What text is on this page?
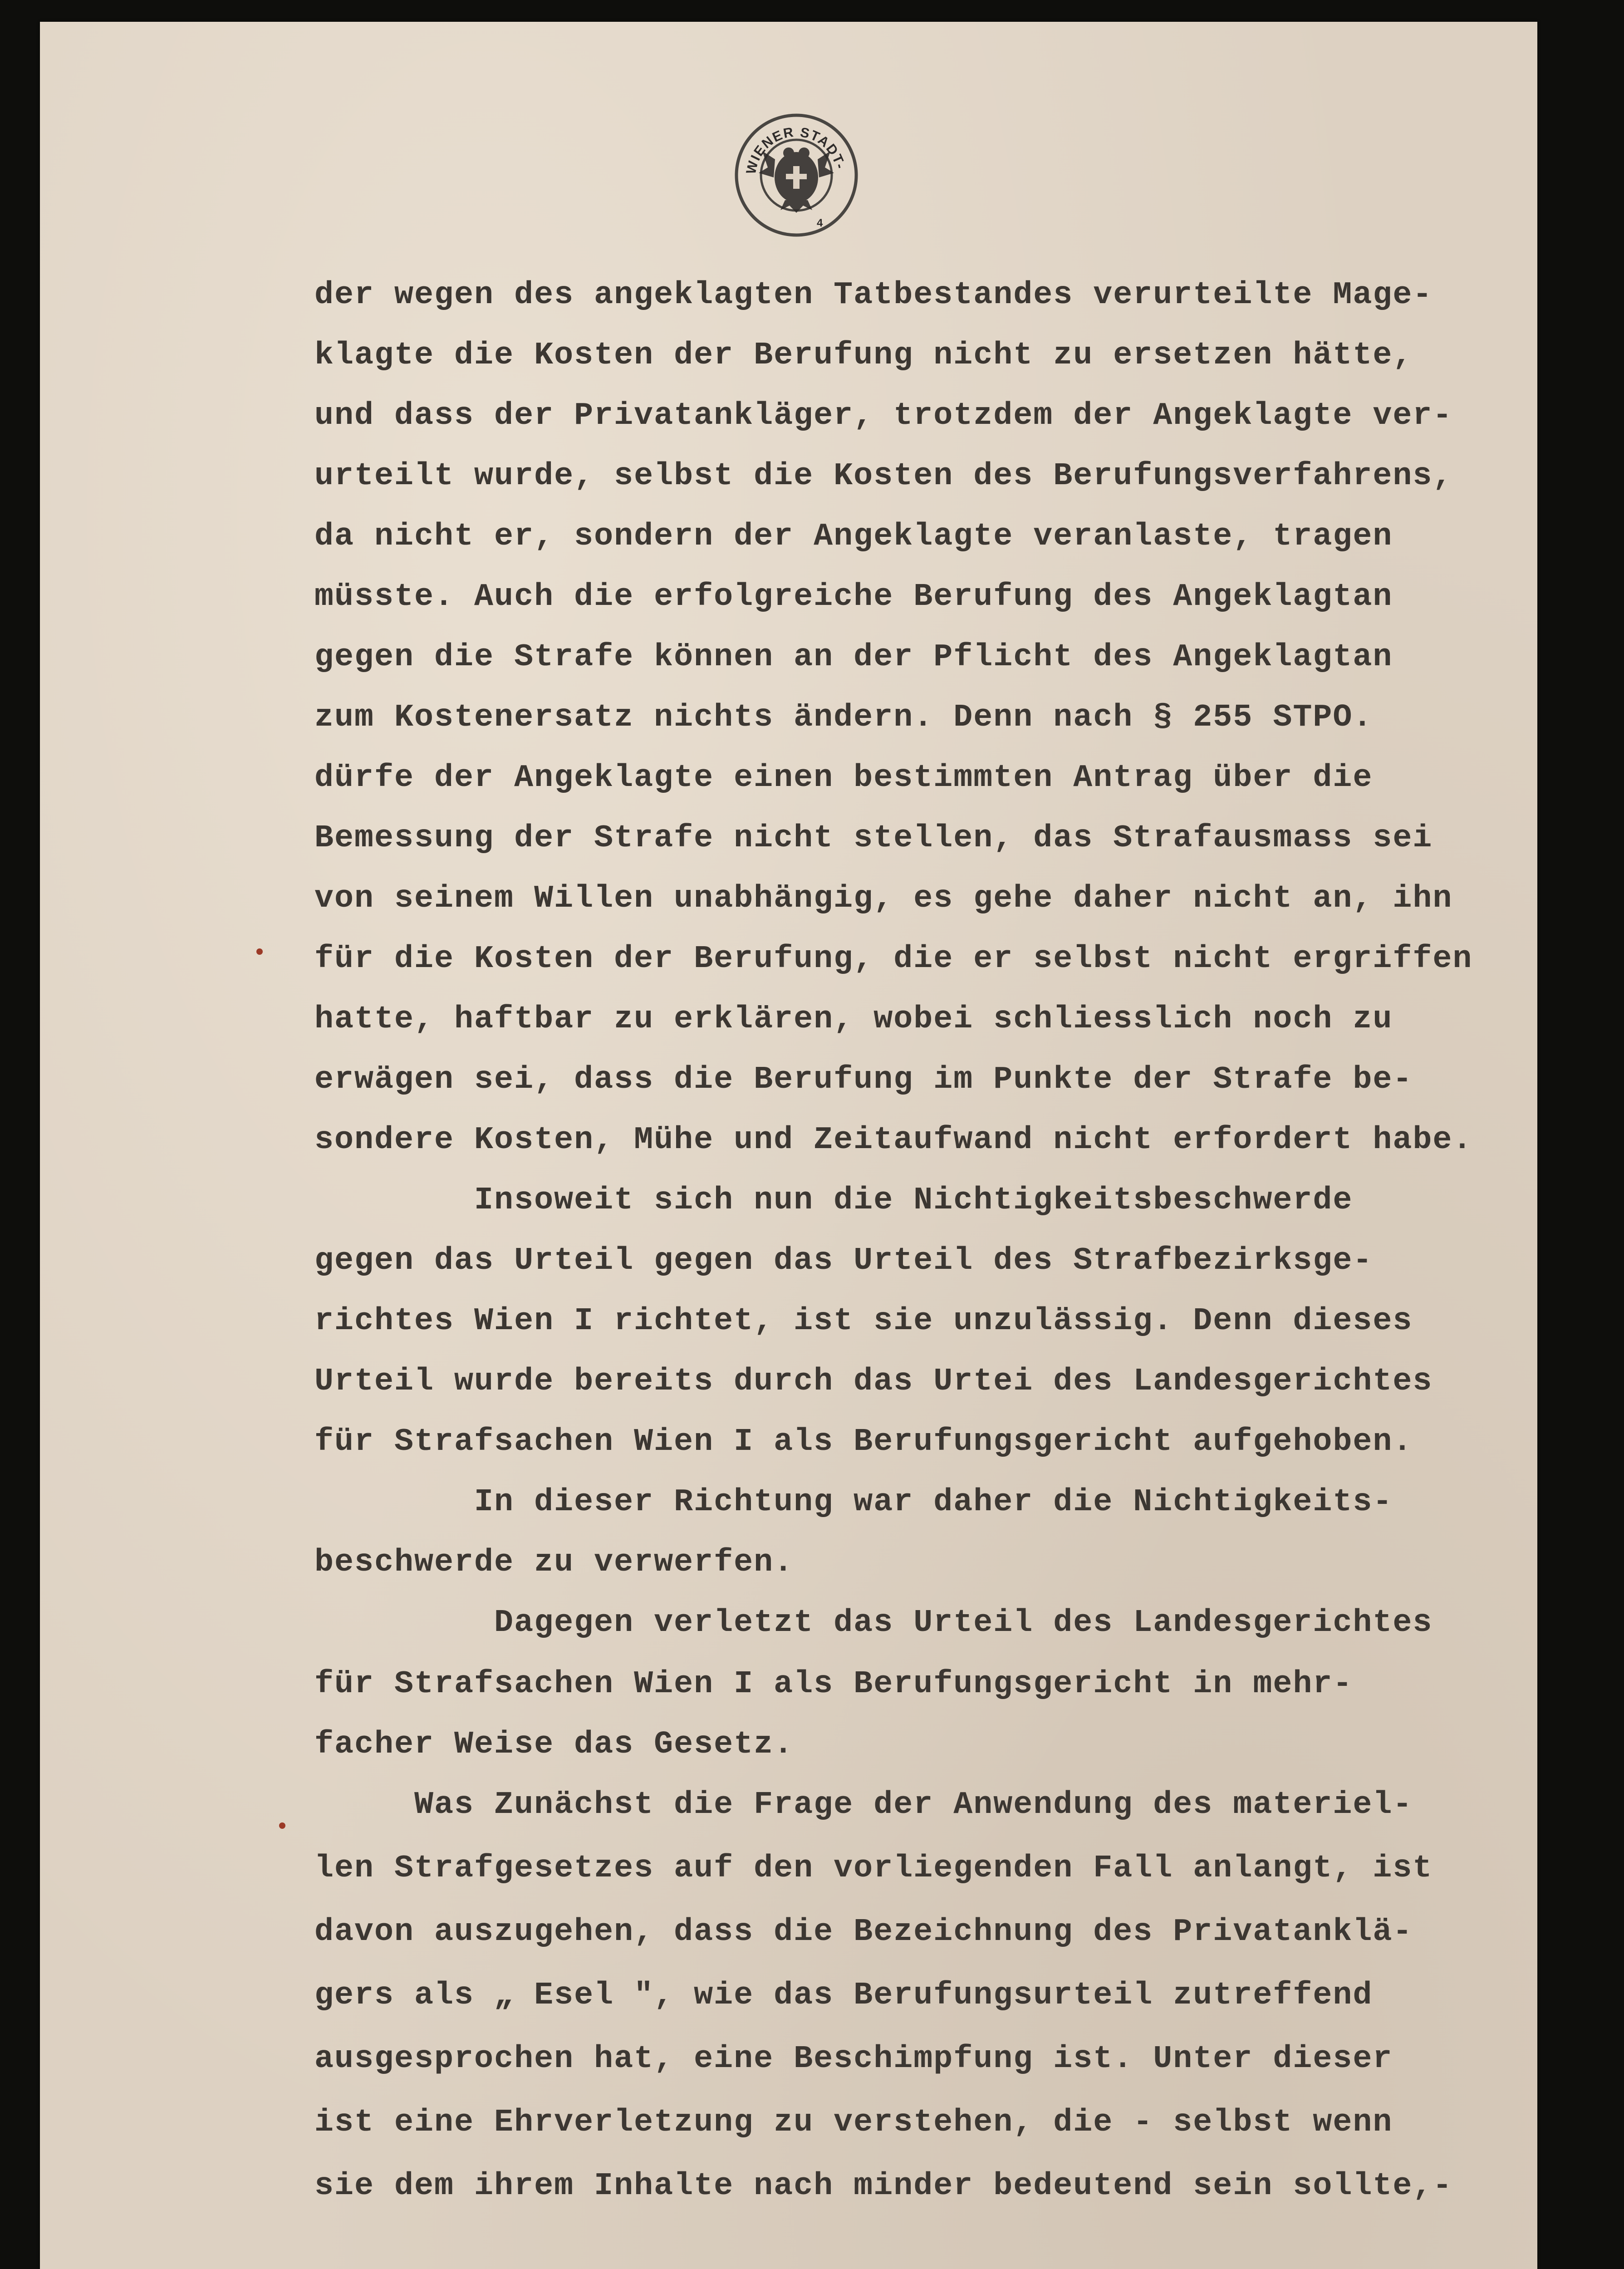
WIENER STADT-
4
der wegen des angeklagten Tatbestandes verurteilte Mage-
klagte die Kosten der Berufung nicht zu ersetzen hätte,
und dass der Privatankläger, trotzdem der Angeklagte ver-
urteilt wurde, selbst die Kosten des Berufungsverfahrens,
da nicht er, sondern der Angeklagte veranlaste, tragen
müsste. Auch die erfolgreiche Berufung des Angeklagtan
gegen die Strafe können an der Pflicht des Angeklagtan
zum Kostenersatz nichts ändern. Denn nach § 255 STPO.
dürfe der Angeklagte einen bestimmten Antrag über die
Bemessung der Strafe nicht stellen, das Strafausmass sei
von seinem Willen unabhängig, es gehe daher nicht an, ihn
für die Kosten der Berufung, die er selbst nicht ergriffen
hatte, haftbar zu erklären, wobei schliesslich noch zu
erwägen sei, dass die Berufung im Punkte der Strafe be-
sondere Kosten, Mühe und Zeitaufwand nicht erfordert habe.
Insoweit sich nun die Nichtigkeitsbeschwerde
gegen das Urteil gegen das Urteil des Strafbezirksge-
richtes Wien I richtet, ist sie unzulässig. Denn dieses
Urteil wurde bereits durch das Urtei des Landesgerichtes
für Strafsachen Wien I als Berufungsgericht aufgehoben.
In dieser Richtung war daher die Nichtigkeits-
beschwerde zu verwerfen.
Dagegen verletzt das Urteil des Landesgerichtes
für Strafsachen Wien I als Berufungsgericht in mehr-
facher Weise das Gesetz.
Was Zunächst die Frage der Anwendung des materiel-
len Strafgesetzes auf den vorliegenden Fall anlangt, ist
davon auszugehen, dass die Bezeichnung des Privatanklä-
gers als „ Esel ", wie das Berufungsurteil zutreffend
ausgesprochen hat, eine Beschimpfung ist. Unter dieser
ist eine Ehrverletzung zu verstehen, die - selbst wenn
sie dem ihrem Inhalte nach minder bedeutend sein sollte,-
